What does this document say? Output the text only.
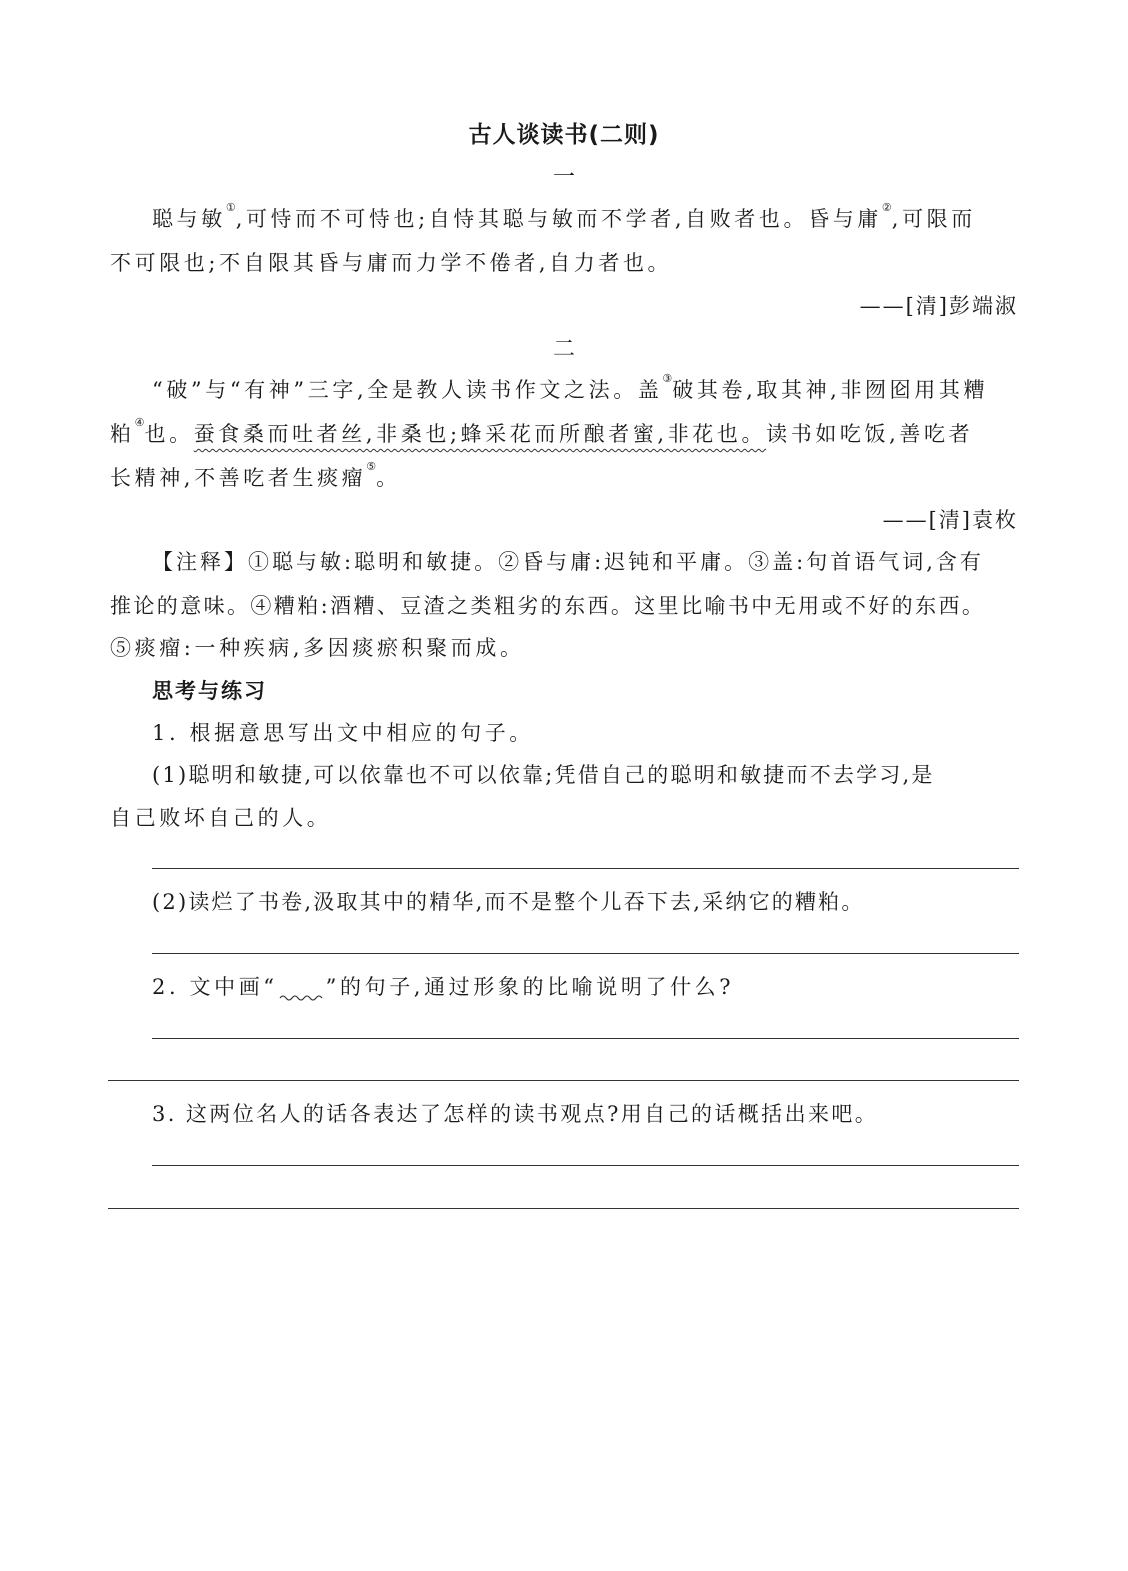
古人谈读书(二则)
一
聪与敏①,可恃而不可恃也;自恃其聪与敏而不学者,自败者也。昏与庸②,可限而
不可限也;不自限其昏与庸而力学不倦者,自力者也。
——[清]彭端淑
二
“破”与“有神”三字,全是教人读书作文之法。盖③破其卷,取其神,非囫囵用其糟
粕④也。蚕食桑而吐者丝,非桑也;蜂采花而所酿者蜜,非花也。读书如吃饭,善吃者
长精神,不善吃者生痰瘤⑤。
——[清]袁枚
【注释】①聪与敏:聪明和敏捷。②昏与庸:迟钝和平庸。③盖:句首语气词,含有
推论的意味。④糟粕:酒糟、豆渣之类粗劣的东西。这里比喻书中无用或不好的东西。
⑤痰瘤:一种疾病,多因痰瘀积聚而成。
思考与练习
1. 根据意思写出文中相应的句子。
(1)聪明和敏捷,可以依靠也不可以依靠;凭借自己的聪明和敏捷而不去学习,是
自己败坏自己的人。
(2)读烂了书卷,汲取其中的精华,而不是整个儿吞下去,采纳它的糟粕。
2. 文中画“ ”的句子,通过形象的比喻说明了什么?
3. 这两位名人的话各表达了怎样的读书观点?用自己的话概括出来吧。
